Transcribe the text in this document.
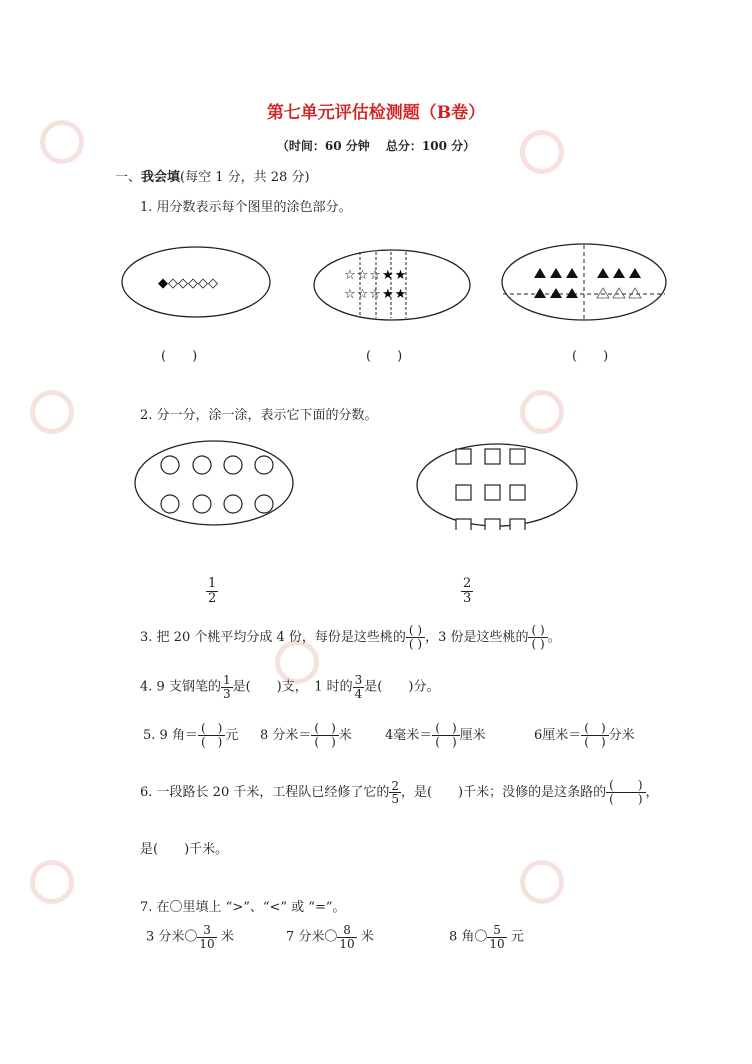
第七单元评估检测题（B卷）
（时间：60 分钟　 总分：100 分）
一、我会填(每空 1 分，共 28 分)
1. 用分数表示每个图里的涂色部分。
◆◇◇◇◇◇
☆☆☆★★
☆☆☆★★
(　　)	(　　)	(　　)
2. 分一分，涂一涂，表示它下面的分数。
$\frac{1}{2}$	$\frac{2}{3}$
3. 把 20 个桃平均分成 4 份，每份是这些桃的 $\frac{( )}{( )}$ ，3 份是这些桃的 $\frac{( )}{( )}$ 。
4. 9 支钢笔的 $\frac{1}{3}$ 是(　　)支，　1 时的 $\frac{3}{4}$ 是(　　)分。
5. 9 角＝ $\frac{( )}{( )}$ 元 8 分米＝ $\frac{( )}{( )}$ 米	4毫米＝ $\frac{( )}{( )}$ 厘米	6厘米＝ $\frac{( )}{( )}$ 分米
6. 一段路长 20 千米，工程队已经修了它的 $\frac{2}{5}$ ，是(　　)千米；没修的是这条路的 $\frac{( )}{( )}$ ，
是(　　)千米。
7. 在〇里填上 “>”、“<” 或 “=”。
3 分米〇 $\frac{3}{10}$ 米	7 分米〇 $\frac{8}{10}$ 米	8 角〇 $\frac{5}{10}$ 元
